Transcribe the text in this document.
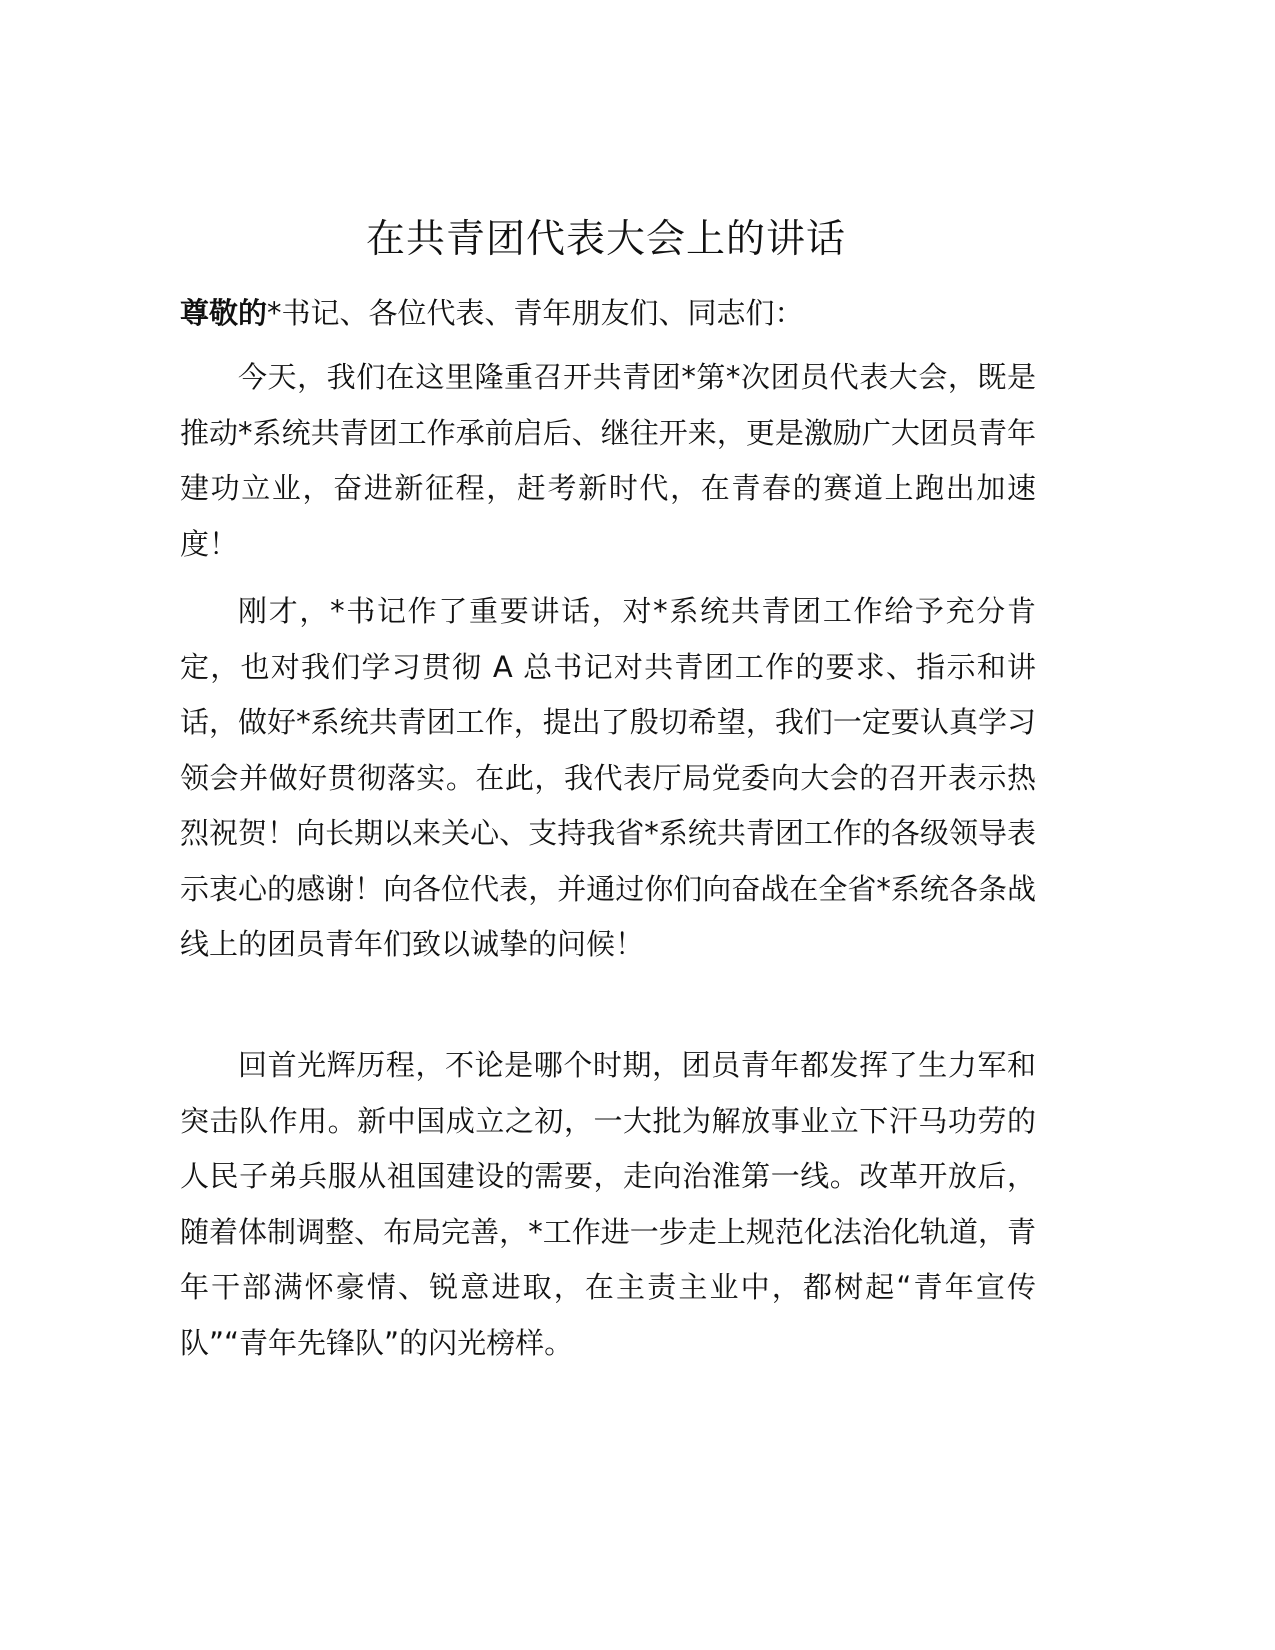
在共青团代表大会上的讲话

尊敬的*书记、各位代表、青年朋友们、同志们：

今天，我们在这里隆重召开共青团*第*次团员代表大会，既是推动*系统共青团工作承前启后、继往开来，更是激励广大团员青年建功立业，奋进新征程，赶考新时代，在青春的赛道上跑出加速度！

刚才，*书记作了重要讲话，对*系统共青团工作给予充分肯定，也对我们学习贯彻 A 总书记对共青团工作的要求、指示和讲话，做好*系统共青团工作，提出了殷切希望，我们一定要认真学习领会并做好贯彻落实。在此，我代表厅局党委向大会的召开表示热烈祝贺！向长期以来关心、支持我省*系统共青团工作的各级领导表示衷心的感谢！向各位代表，并通过你们向奋战在全省*系统各条战线上的团员青年们致以诚挚的问候！

回首光辉历程，不论是哪个时期，团员青年都发挥了生力军和突击队作用。新中国成立之初，一大批为解放事业立下汗马功劳的人民子弟兵服从祖国建设的需要，走向治淮第一线。改革开放后，随着体制调整、布局完善，*工作进一步走上规范化法治化轨道，青年干部满怀豪情、锐意进取，在主责主业中，都树起“青年宣传队”“青年先锋队”的闪光榜样。
